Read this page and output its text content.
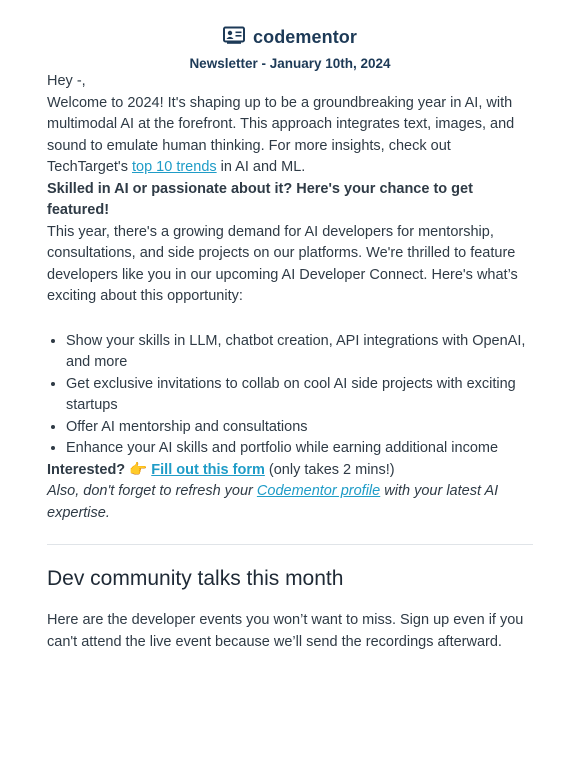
codementor
Newsletter - January 10th, 2024

Hey -,

Welcome to 2024! It's shaping up to be a groundbreaking year in AI, with multimodal AI at the forefront. This approach integrates text, images, and sound to emulate human thinking. For more insights, check out TechTarget's top 10 trends in AI and ML.

Skilled in AI or passionate about it? Here's your chance to get featured!

This year, there's a growing demand for AI developers for mentorship, consultations, and side projects on our platforms. We're thrilled to feature developers like you in our upcoming AI Developer Connect. Here's what’s exciting about this opportunity:

• Show your skills in LLM, chatbot creation, API integrations with OpenAI, and more
• Get exclusive invitations to collab on cool AI side projects with exciting startups
• Offer AI mentorship and consultations
• Enhance your AI skills and portfolio while earning additional income

Interested? 👉 Fill out this form (only takes 2 mins!)

Also, don't forget to refresh your Codementor profile with your latest AI expertise.

Dev community talks this month

Here are the developer events you won’t want to miss. Sign up even if you can't attend the live event because we’ll send the recordings afterward.
